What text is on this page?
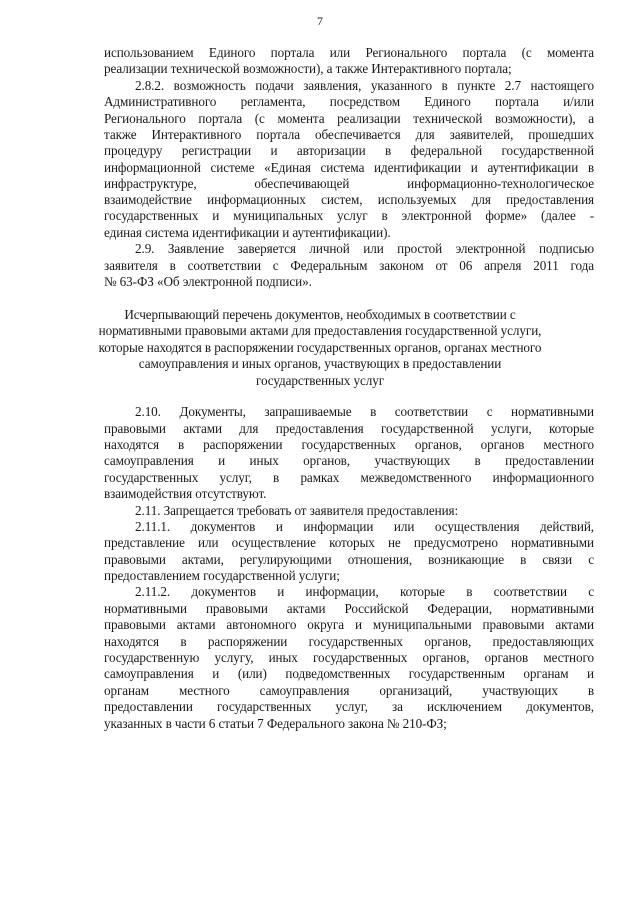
7
использованием Единого портала или Регионального портала (с момента
реализации технической возможности), а также Интерактивного портала;
2.8.2. возможность подачи заявления, указанного в пункте 2.7 настоящего
Административного регламента, посредством Единого портала и/или
Регионального портала (с момента реализации технической возможности), а
также Интерактивного портала обеспечивается для заявителей, прошедших
процедуру регистрации и авторизации в федеральной государственной
информационной системе «Единая система идентификации и аутентификации в
инфраструктуре, обеспечивающей информационно-технологическое
взаимодействие информационных систем, используемых для предоставления
государственных и муниципальных услуг в электронной форме» (далее -
единая система идентификации и аутентификации).
2.9. Заявление заверяется личной или простой электронной подписью
заявителя в соответствии с Федеральным законом от 06 апреля 2011 года
№ 63-ФЗ «Об электронной подписи».
Исчерпывающий перечень документов, необходимых в соответствии с
нормативными правовыми актами для предоставления государственной услуги,
которые находятся в распоряжении государственных органов, органах местного
самоуправления и иных органов, участвующих в предоставлении
государственных услуг
2.10. Документы, запрашиваемые в соответствии с нормативными
правовыми актами для предоставления государственной услуги, которые
находятся в распоряжении государственных органов, органов местного
самоуправления и иных органов, участвующих в предоставлении
государственных услуг, в рамках межведомственного информационного
взаимодействия отсутствуют.
2.11. Запрещается требовать от заявителя предоставления:
2.11.1. документов и информации или осуществления действий,
представление или осуществление которых не предусмотрено нормативными
правовыми актами, регулирующими отношения, возникающие в связи с
предоставлением государственной услуги;
2.11.2. документов и информации, которые в соответствии с
нормативными правовыми актами Российской Федерации, нормативными
правовыми актами автономного округа и муниципальными правовыми актами
находятся в распоряжении государственных органов, предоставляющих
государственную услугу, иных государственных органов, органов местного
самоуправления и (или) подведомственных государственным органам и
органам местного самоуправления организаций, участвующих в
предоставлении государственных услуг, за исключением документов,
указанных в части 6 статьи 7 Федерального закона № 210-ФЗ;
